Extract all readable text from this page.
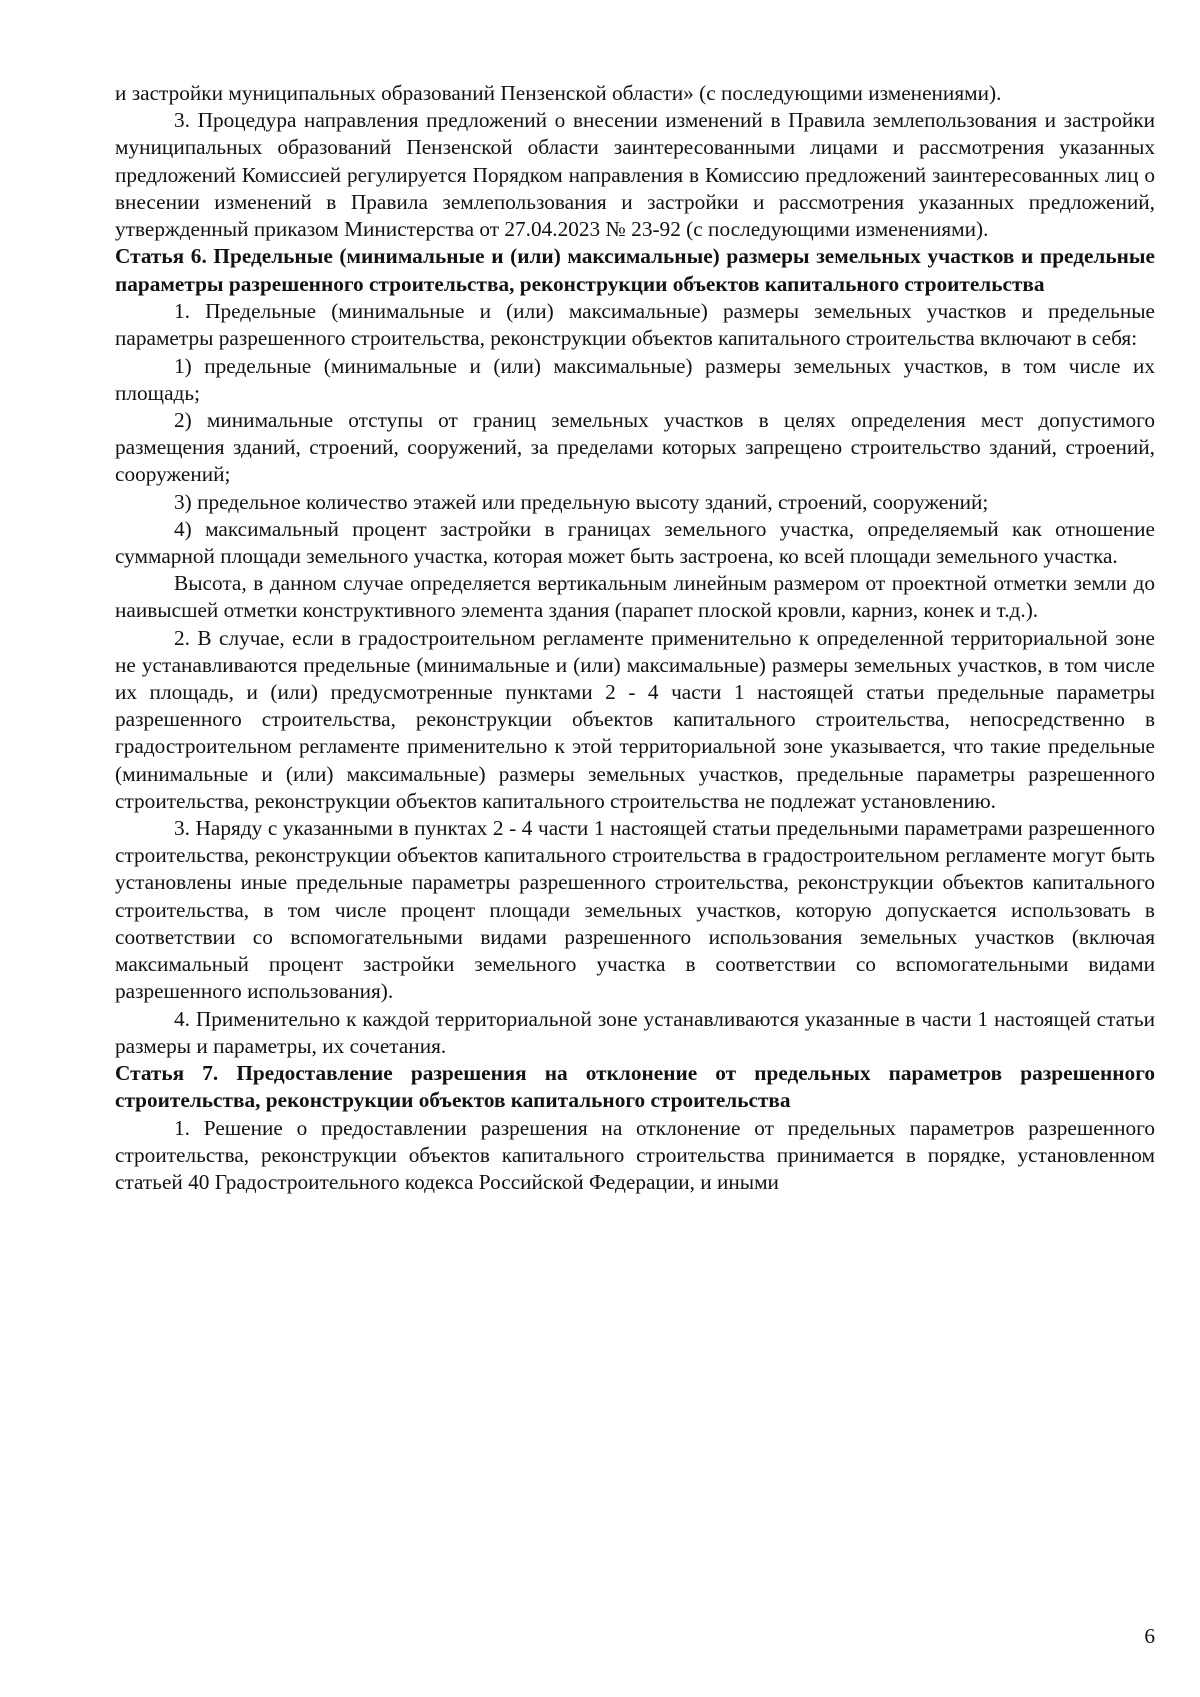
и застройки муниципальных образований Пензенской области» (с последующими изменениями).

3. Процедура направления предложений о внесении изменений в Правила землепользования и застройки муниципальных образований Пензенской области заинтересованными лицами и рассмотрения указанных предложений Комиссией регулируется Порядком направления в Комиссию предложений заинтересованных лиц о внесении изменений в Правила землепользования и застройки и рассмотрения указанных предложений, утвержденный приказом Министерства от 27.04.2023 № 23-92 (с последующими изменениями).

Статья 6. Предельные (минимальные и (или) максимальные) размеры земельных участков и предельные параметры разрешенного строительства, реконструкции объектов капитального строительства

1. Предельные (минимальные и (или) максимальные) размеры земельных участков и предельные параметры разрешенного строительства, реконструкции объектов капитального строительства включают в себя:

1) предельные (минимальные и (или) максимальные) размеры земельных участков, в том числе их площадь;

2) минимальные отступы от границ земельных участков в целях определения мест допустимого размещения зданий, строений, сооружений, за пределами которых запрещено строительство зданий, строений, сооружений;

3) предельное количество этажей или предельную высоту зданий, строений, сооружений;

4) максимальный процент застройки в границах земельного участка, определяемый как отношение суммарной площади земельного участка, которая может быть застроена, ко всей площади земельного участка.

Высота, в данном случае определяется вертикальным линейным размером от проектной отметки земли до наивысшей отметки конструктивного элемента здания (парапет плоской кровли, карниз, конек и т.д.).

2. В случае, если в градостроительном регламенте применительно к определенной территориальной зоне не устанавливаются предельные (минимальные и (или) максимальные) размеры земельных участков, в том числе их площадь, и (или) предусмотренные пунктами 2 - 4 части 1 настоящей статьи предельные параметры разрешенного строительства, реконструкции объектов капитального строительства, непосредственно в градостроительном регламенте применительно к этой территориальной зоне указывается, что такие предельные (минимальные и (или) максимальные) размеры земельных участков, предельные параметры разрешенного строительства, реконструкции объектов капитального строительства не подлежат установлению.

3. Наряду с указанными в пунктах 2 - 4 части 1 настоящей статьи предельными параметрами разрешенного строительства, реконструкции объектов капитального строительства в градостроительном регламенте могут быть установлены иные предельные параметры разрешенного строительства, реконструкции объектов капитального строительства, в том числе процент площади земельных участков, которую допускается использовать в соответствии со вспомогательными видами разрешенного использования земельных участков (включая максимальный процент застройки земельного участка в соответствии со вспомогательными видами разрешенного использования).

4. Применительно к каждой территориальной зоне устанавливаются указанные в части 1 настоящей статьи размеры и параметры, их сочетания.

Статья 7. Предоставление разрешения на отклонение от предельных параметров разрешенного строительства, реконструкции объектов капитального строительства

1. Решение о предоставлении разрешения на отклонение от предельных параметров разрешенного строительства, реконструкции объектов капитального строительства принимается в порядке, установленном статьей 40 Градостроительного кодекса Российской Федерации, и иными

6
